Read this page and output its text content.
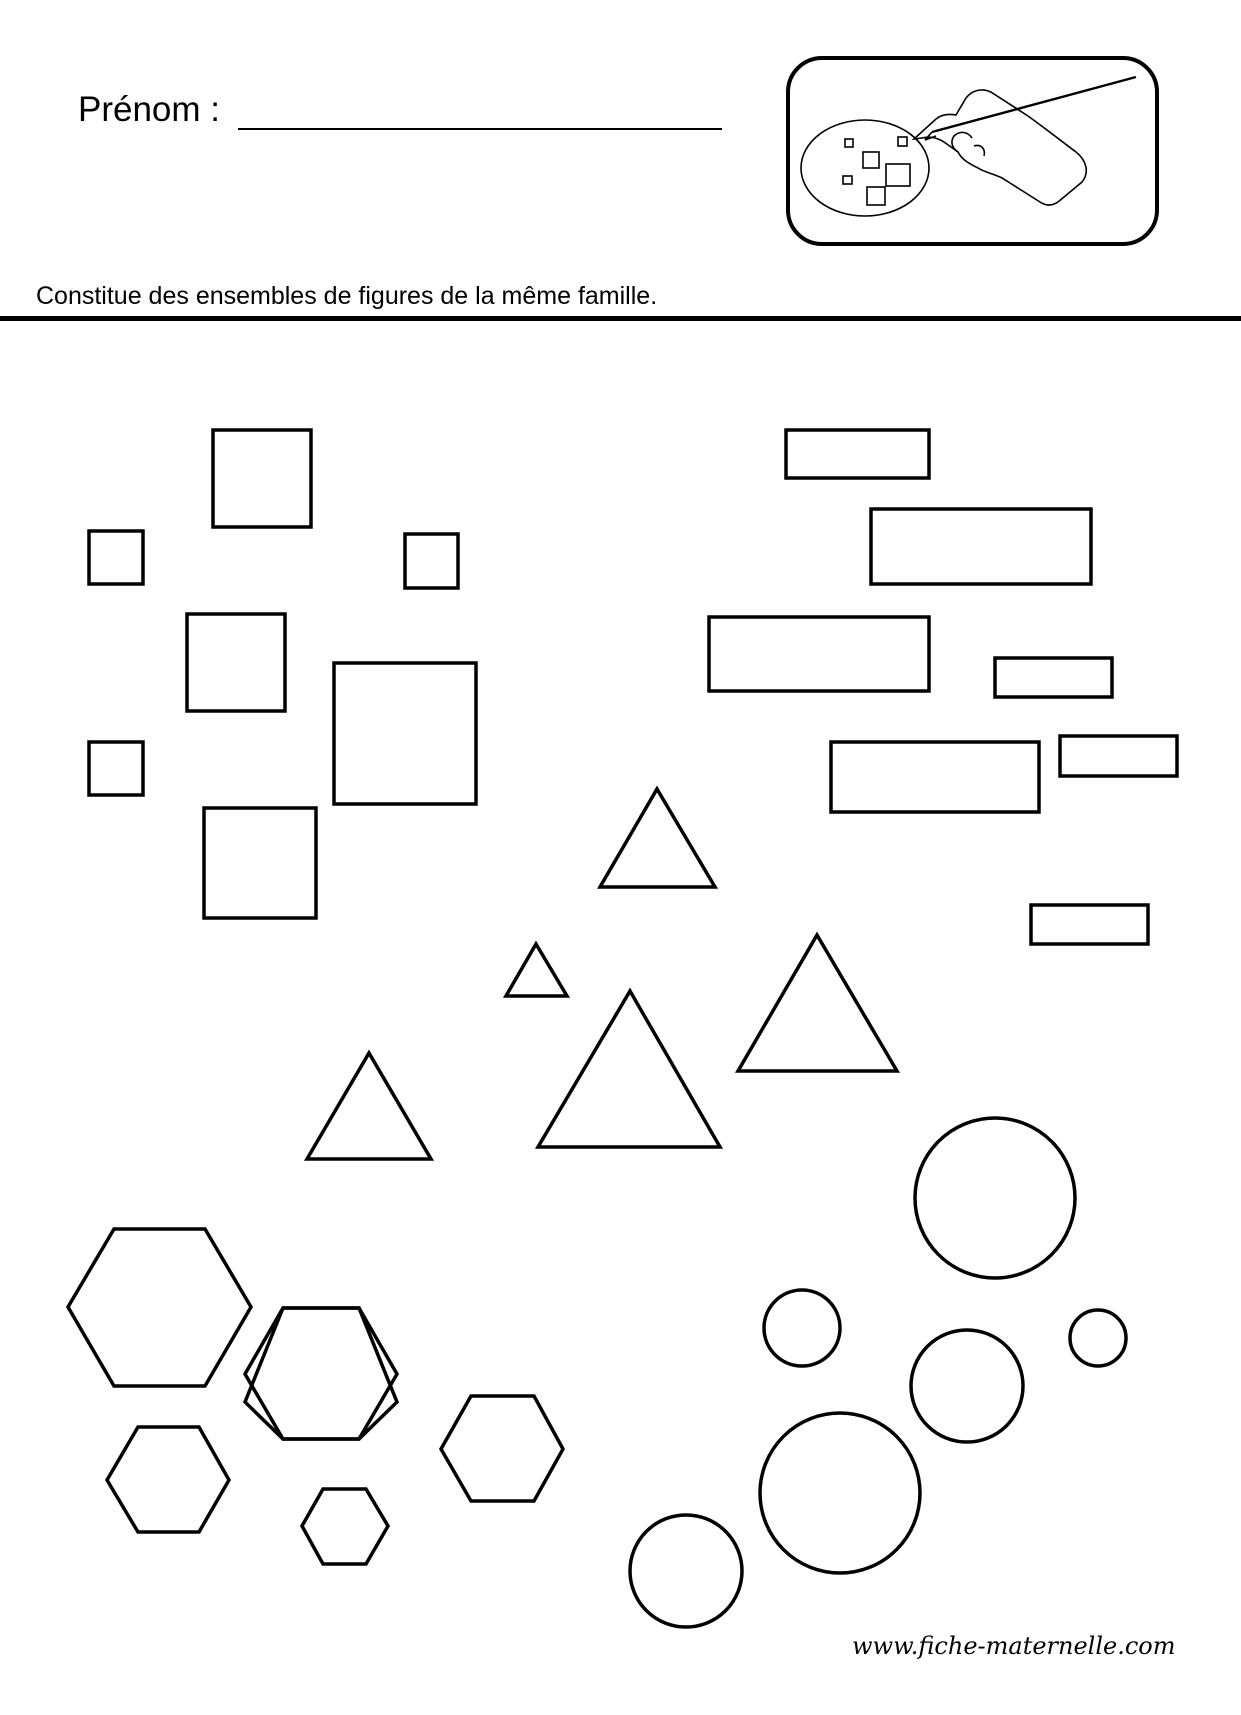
Prénom :
Constitue des ensembles de figures de la même famille.
www.fiche-maternelle.com
